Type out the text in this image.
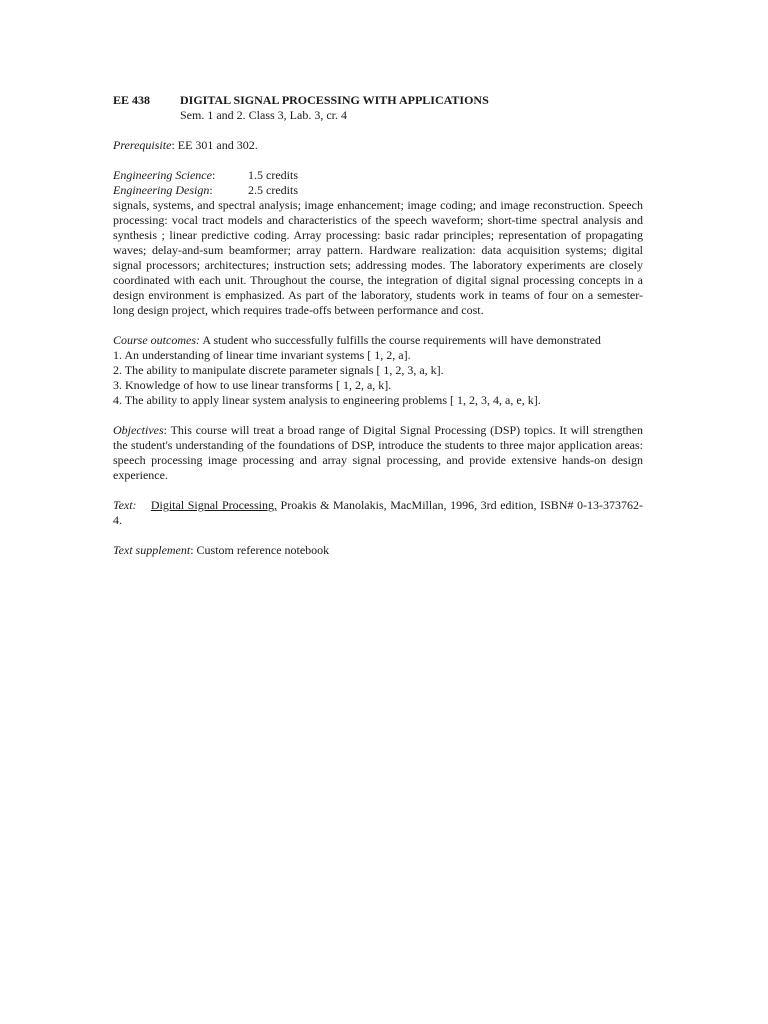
EE 438	DIGITAL SIGNAL PROCESSING WITH APPLICATIONS
Sem. 1 and 2. Class 3, Lab. 3, cr. 4
Prerequisite: EE 301 and 302.
Engineering Science:	1.5 credits
Engineering Design:	2.5 credits
signals, systems, and spectral analysis; image enhancement; image coding; and image reconstruction. Speech processing: vocal tract models and characteristics of the speech waveform; short-time spectral analysis and synthesis ; linear predictive coding. Array processing: basic radar principles; representation of propagating waves; delay-and-sum beamformer; array pattern. Hardware realization: data acquisition systems; digital signal processors; architectures; instruction sets; addressing modes. The laboratory experiments are closely coordinated with each unit. Throughout the course, the integration of digital signal processing concepts in a design environment is emphasized. As part of the laboratory, students work in teams of four on a semester-long design project, which requires trade-offs between performance and cost.
Course outcomes: A student who successfully fulfills the course requirements will have demonstrated
1. An understanding of linear time invariant systems [ 1, 2, a].
2. The ability to manipulate discrete parameter signals [ 1, 2, 3, a, k].
3. Knowledge of how to use linear transforms [ 1, 2, a, k].
4. The ability to apply linear system analysis to engineering problems [ 1, 2, 3, 4, a, e, k].
Objectives: This course will treat a broad range of Digital Signal Processing (DSP) topics. It will strengthen the student's understanding of the foundations of DSP, introduce the students to three major application areas: speech processing image processing and array signal processing, and provide extensive hands-on design experience.
Text: Digital Signal Processing, Proakis & Manolakis, MacMillan, 1996, 3rd edition, ISBN# 0-13-373762-4.
Text supplement: Custom reference notebook
